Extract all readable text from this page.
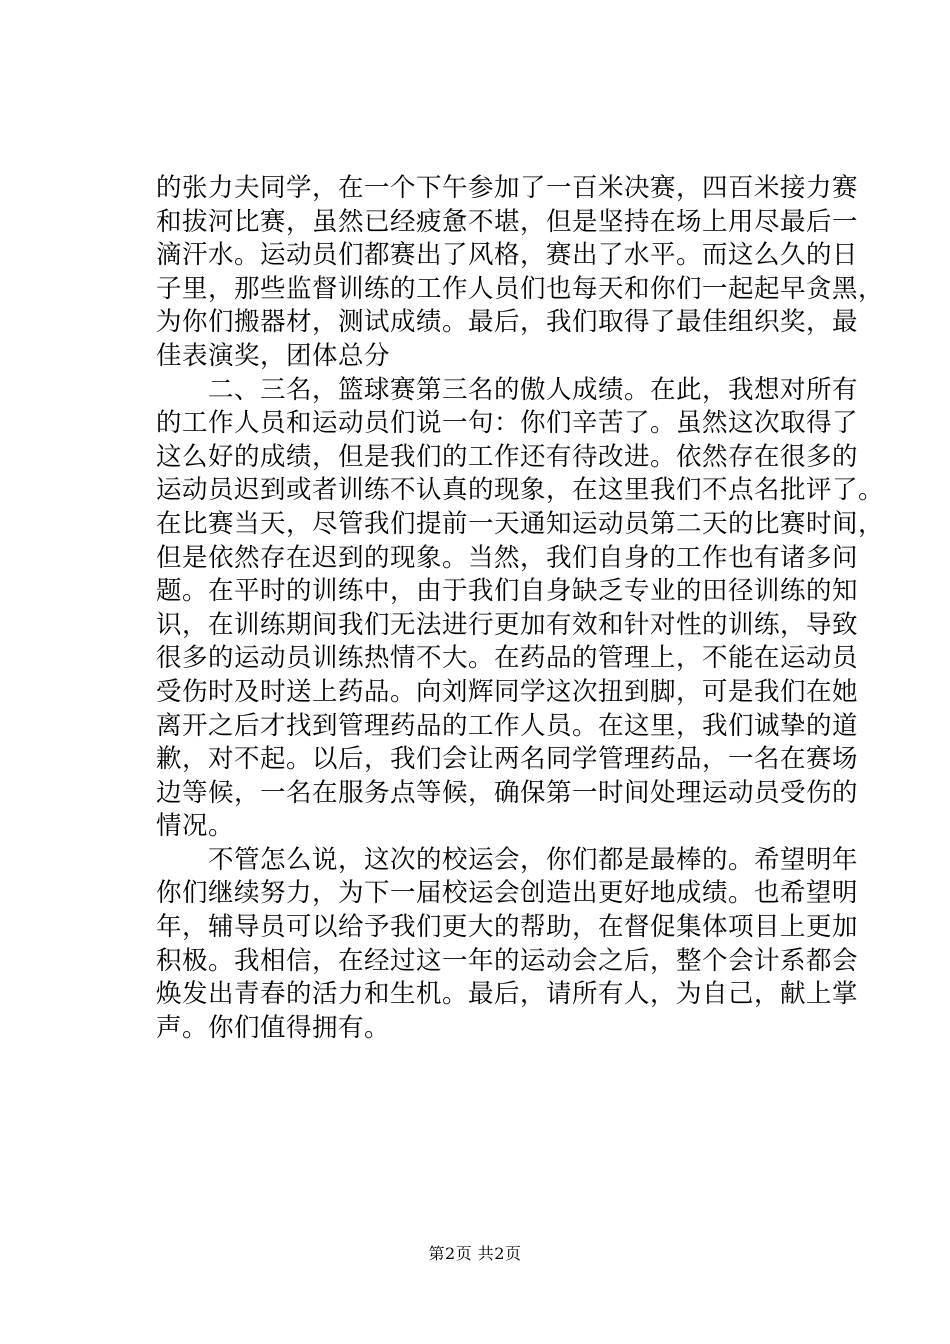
的张力夫同学，在一个下午参加了一百米决赛，四百米接力赛
和拔河比赛，虽然已经疲惫不堪，但是坚持在场上用尽最后一
滴汗水。运动员们都赛出了风格，赛出了水平。而这么久的日
子里，那些监督训练的工作人员们也每天和你们一起起早贪黑，
为你们搬器材，测试成绩。最后，我们取得了最佳组织奖，最
佳表演奖，团体总分
二、三名，篮球赛第三名的傲人成绩。在此，我想对所有
的工作人员和运动员们说一句：你们辛苦了。虽然这次取得了
这么好的成绩，但是我们的工作还有待改进。依然存在很多的
运动员迟到或者训练不认真的现象，在这里我们不点名批评了。
在比赛当天，尽管我们提前一天通知运动员第二天的比赛时间，
但是依然存在迟到的现象。当然，我们自身的工作也有诸多问
题。在平时的训练中，由于我们自身缺乏专业的田径训练的知
识，在训练期间我们无法进行更加有效和针对性的训练，导致
很多的运动员训练热情不大。在药品的管理上，不能在运动员
受伤时及时送上药品。向刘辉同学这次扭到脚，可是我们在她
离开之后才找到管理药品的工作人员。在这里，我们诚挚的道
歉，对不起。以后，我们会让两名同学管理药品，一名在赛场
边等候，一名在服务点等候，确保第一时间处理运动员受伤的
情况。
不管怎么说，这次的校运会，你们都是最棒的。希望明年
你们继续努力，为下一届校运会创造出更好地成绩。也希望明
年，辅导员可以给予我们更大的帮助，在督促集体项目上更加
积极。我相信，在经过这一年的运动会之后，整个会计系都会
焕发出青春的活力和生机。最后，请所有人，为自己，献上掌
声。你们值得拥有。
第2页 共2页
